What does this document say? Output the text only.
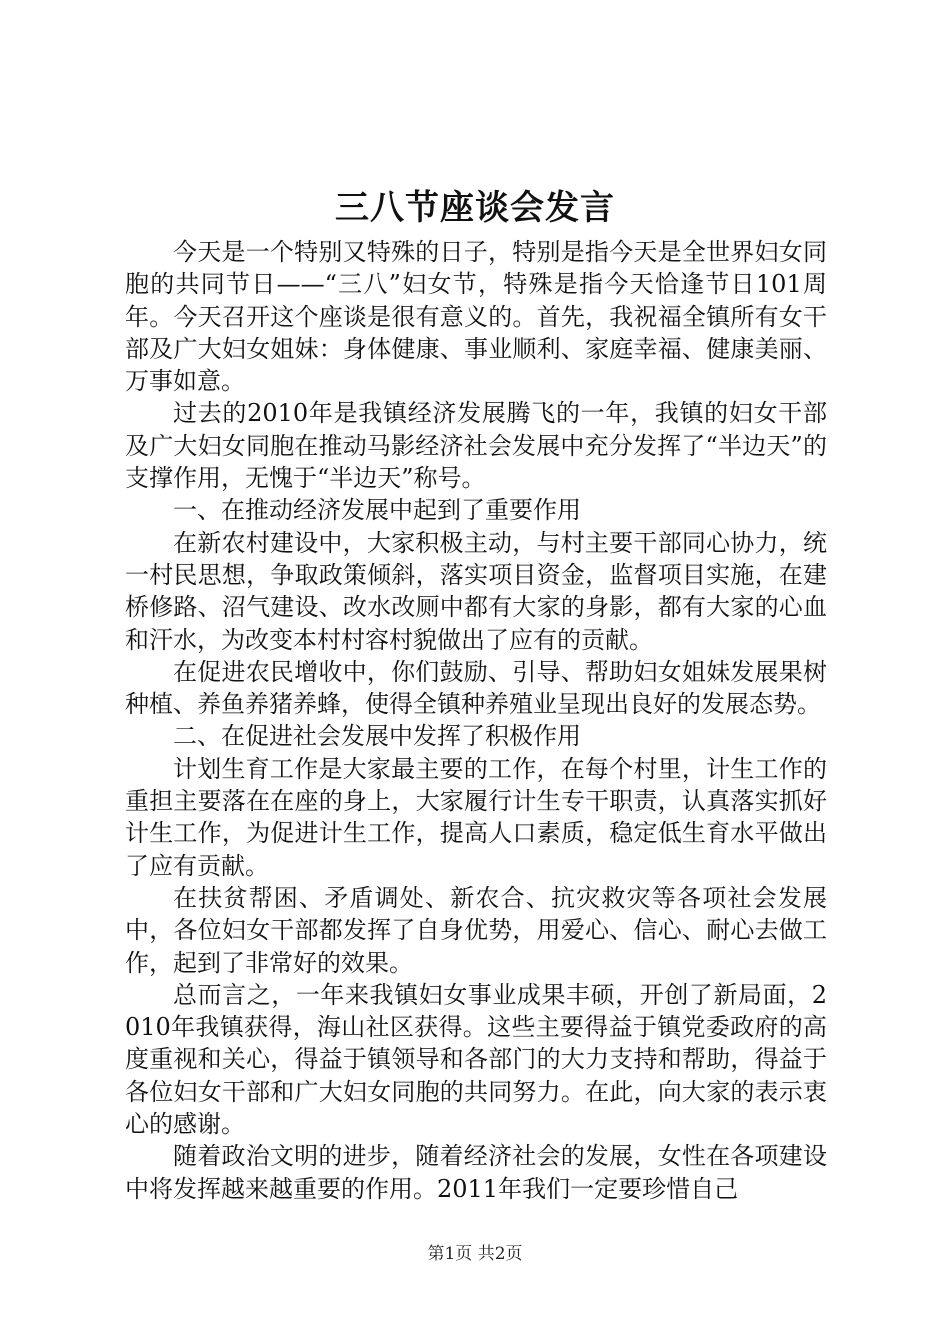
三八节座谈会发言

今天是一个特别又特殊的日子，特别是指今天是全世界妇女同胞的共同节日——“三八”妇女节，特殊是指今天恰逢节日101周年。今天召开这个座谈是很有意义的。首先，我祝福全镇所有女干部及广大妇女姐妹：身体健康、事业顺利、家庭幸福、健康美丽、万事如意。

过去的2010年是我镇经济发展腾飞的一年，我镇的妇女干部及广大妇女同胞在推动马影经济社会发展中充分发挥了“半边天”的支撑作用，无愧于“半边天”称号。

一、在推动经济发展中起到了重要作用

在新农村建设中，大家积极主动，与村主要干部同心协力，统一村民思想，争取政策倾斜，落实项目资金，监督项目实施，在建桥修路、沼气建设、改水改厕中都有大家的身影，都有大家的心血和汗水，为改变本村村容村貌做出了应有的贡献。

在促进农民增收中，你们鼓励、引导、帮助妇女姐妹发展果树种植、养鱼养猪养蜂，使得全镇种养殖业呈现出良好的发展态势。

二、在促进社会发展中发挥了积极作用

计划生育工作是大家最主要的工作，在每个村里，计生工作的重担主要落在在座的身上，大家履行计生专干职责，认真落实抓好计生工作，为促进计生工作，提高人口素质，稳定低生育水平做出了应有贡献。

在扶贫帮困、矛盾调处、新农合、抗灾救灾等各项社会发展中，各位妇女干部都发挥了自身优势，用爱心、信心、耐心去做工作，起到了非常好的效果。

总而言之，一年来我镇妇女事业成果丰硕，开创了新局面，2010年我镇获得，海山社区获得。这些主要得益于镇党委政府的高度重视和关心，得益于镇领导和各部门的大力支持和帮助，得益于各位妇女干部和广大妇女同胞的共同努力。在此，向大家的表示衷心的感谢。

随着政治文明的进步，随着经济社会的发展，女性在各项建设中将发挥越来越重要的作用。2011年我们一定要珍惜自己

第1页 共2页
